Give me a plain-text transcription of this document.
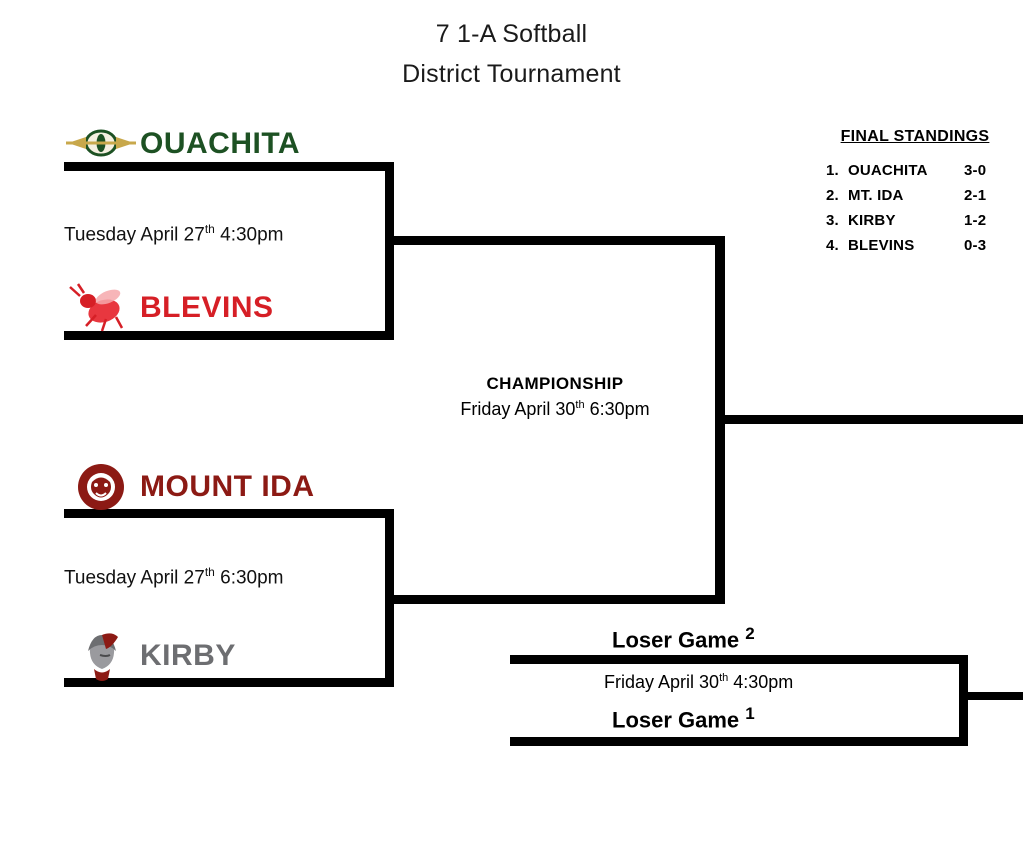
7 1-A Softball
District Tournament
OUACHITA
Tuesday April 27th 4:30pm
BLEVINS
MOUNT IDA
Tuesday April 27th 6:30pm
KIRBY
CHAMPIONSHIP
Friday April 30th 6:30pm
Loser Game $^2$
Friday April 30th 4:30pm
Loser Game $^1$
FINAL STANDINGS
1. OUACHITA	3-0
2. MT. IDA	2-1
3. KIRBY	1-2
4. BLEVINS	0-3
